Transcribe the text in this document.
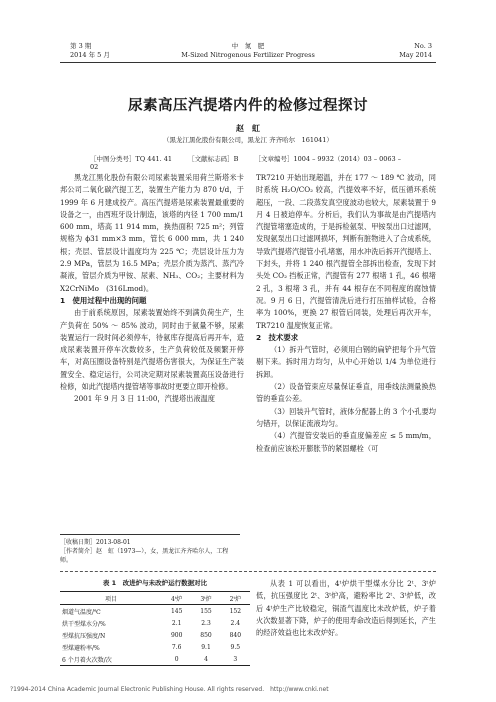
第 3 期
2014 年 5 月
中　氮　肥
M-Sized Nitrogenous Fertilizer Progress
No. 3
May 2014
尿素高压汽提塔内件的检修过程探讨
赵　虹
（黑龙江黑化股份有限公司，黑龙江 齐齐哈尔　161041）
［中图分类号］TQ 441. 41 ［文献标志码］B ［文章编号］1004 – 9932（2014）03 – 0063 – 02

黑龙江黑化股份有限公司尿素装置采用荷兰斯塔米卡邦公司二氧化碳汽提工艺，装置生产能力为 870 t/d，于 1999 年 6 月建成投产。高压汽提塔是尿素装置最重要的设备之一，由西班牙设计制造，该塔的内径 1 700 mm/1 600 mm，塔高 11 914 mm，换热面积 725 m²；列管规格为 ϕ31 mm×3 mm，管长 6 000 mm，共 1 240 根；壳层、管层设计温度均为 225 ℃；壳层设计压力为 2.9 MPa，管层为 16.5 MPa；壳层介质为蒸汽、蒸汽冷凝液，管层介质为甲铵、尿素、NH₃、CO₂；主要材料为 X2CrNiMo　(316Lmod)。

1　使用过程中出现的问题

由于前系统原因，尿素装置始终不到满负荷生产，生产负荷在 50% ～ 85% 波动，同时由于氨量不够，尿素装置运行一段时间必须停车，待氨库存提高后再开车，造成尿素装置开停车次数较多，生产负荷较低及频繁开停车，对高压圈设备特别是汽提塔伤害很大，为保证生产装置安全、稳定运行，公司决定期对尿素装置高压设备进行检修，如此汽提塔内提管堵等事故时更要立即开检修。

2001 年 9 月 3 日 11:00，汽提塔出液温度

［收稿日期］2013-08-01
［作者简介］赵　虹（1973—），女，黑龙江齐齐哈尔人，工程师。

TR7210 开始出现超温，并在 177 ～ 189 ℃ 波动，同时系统 H₂O/CO₂ 较高，汽提效率不好，低压循环系统超压，一段、二段蒸发真空度波动也较大，尿素装置于 9 月 4 日被迫停车。分析后，我们认为事故是由汽提塔内汽提管堵塞造成的，于是拆检氨泵、甲铵泵出口过滤网，发现氨泵出口过滤网损坏，判断有脏物进入了合成系统，导致汽提塔汽提管小孔堵塞，用水冲洗后拆开汽提塔上、下封头，并将 1 240 根汽提管全部拆出检查，发现下封头处 CO₂ 挡板正常，汽提管有 277 根堵 1 孔，46 根堵 2 孔，3 根堵 3 孔，并有 44 根存在不同程度的腐蚀情况。9 月 6 日，汽提管清洗后进行打压抽样试验，合格率为 100%，更换 27 根管后同装，处理后再次开车，TR7210 温度恢复正常。

2　技术要求

（1）拆升气管时，必须用白钢的扁铲把每个升气管剔下来。拆时用力均匀，从中心开始以 1/4 为单位进行拆卸。

（2）设备管束应尽量保证垂直，用垂线法测量换热管的垂直公差。

（3）回装升气管时，液体分配器上的 3 个小孔要均匀错开，以保证流液均匀。

（4）汽提管安装后的垂直度偏差应 ≤ 5 mm/m，检查前应该松开膨胀节的紧固螺栓（可

表 1　改进炉与未改炉运行数据对比
项目	4ᵗ炉	3ᵗ炉	2ᵗ炉
烟道气温度/℃	145	155	152
烘干型煤水分/%	2.1	2.3	2.4
型煤抗压强度/N	900	850	840
型煤避粉率/%	7.6	9.1	9.5
6 个月着火次数/次	0	4	3

从表 1 可以看出，4ᵗ炉烘干型煤水分比 2ᵗ、3ᵗ炉低，抗压强度比 2ᵗ、3ᵗ炉高，避粉率比 2ᵗ、3ᵗ炉低，改后 4ᵗ炉生产比较稳定，锅渣气温度比未改炉低，炉子着火次数显著下降，炉子的使用寿命改造后得到延长，产生的经济效益也比未改炉好。

?1994-2014 China Academic Journal Electronic Publishing House. All rights reserved.　http://www.cnki.net
